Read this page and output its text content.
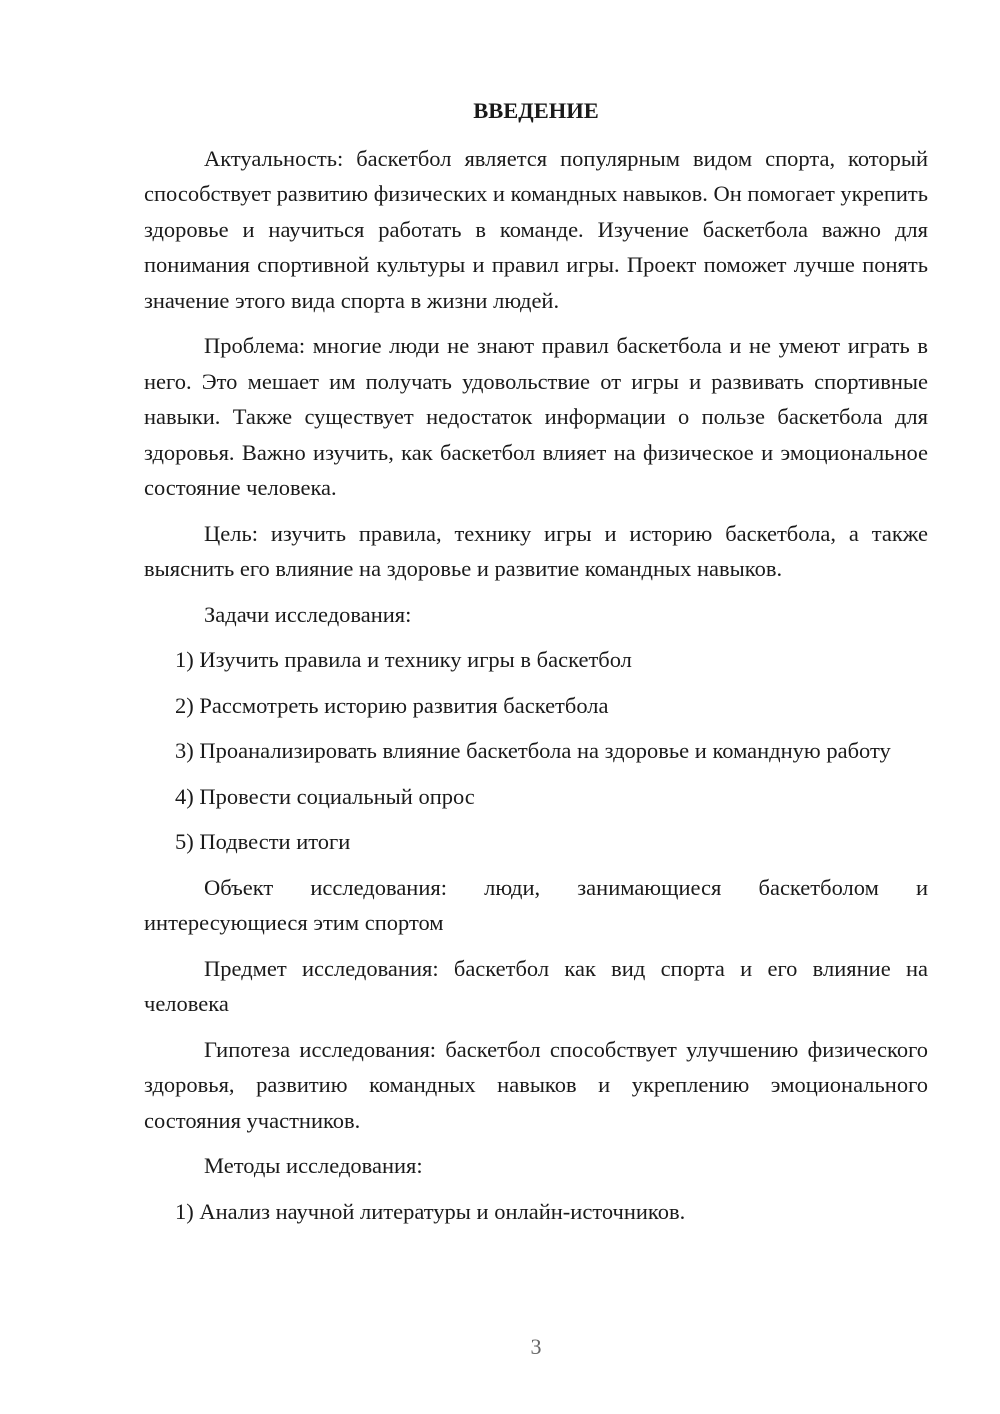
ВВЕДЕНИЕ

Актуальность: баскетбол является популярным видом спорта, который способствует развитию физических и командных навыков. Он помогает укрепить здоровье и научиться работать в команде. Изучение баскетбола важно для понимания спортивной культуры и правил игры. Проект поможет лучше понять значение этого вида спорта в жизни людей.

Проблема: многие люди не знают правил баскетбола и не умеют играть в него. Это мешает им получать удовольствие от игры и развивать спортивные навыки. Также существует недостаток информации о пользе баскетбола для здоровья. Важно изучить, как баскетбол влияет на физическое и эмоциональное состояние человека.

Цель: изучить правила, технику игры и историю баскетбола, а также выяснить его влияние на здоровье и развитие командных навыков.

Задачи исследования:

1) Изучить правила и технику игры в баскетбол

2) Рассмотреть историю развития баскетбола

3) Проанализировать влияние баскетбола на здоровье и командную работу

4) Провести социальный опрос

5) Подвести итоги

Объект исследования: люди, занимающиеся баскетболом и интересующиеся этим спортом

Предмет исследования: баскетбол как вид спорта и его влияние на человека

Гипотеза исследования: баскетбол способствует улучшению физического здоровья, развитию командных навыков и укреплению эмоционального состояния участников.

Методы исследования:

1) Анализ научной литературы и онлайн-источников.

3
